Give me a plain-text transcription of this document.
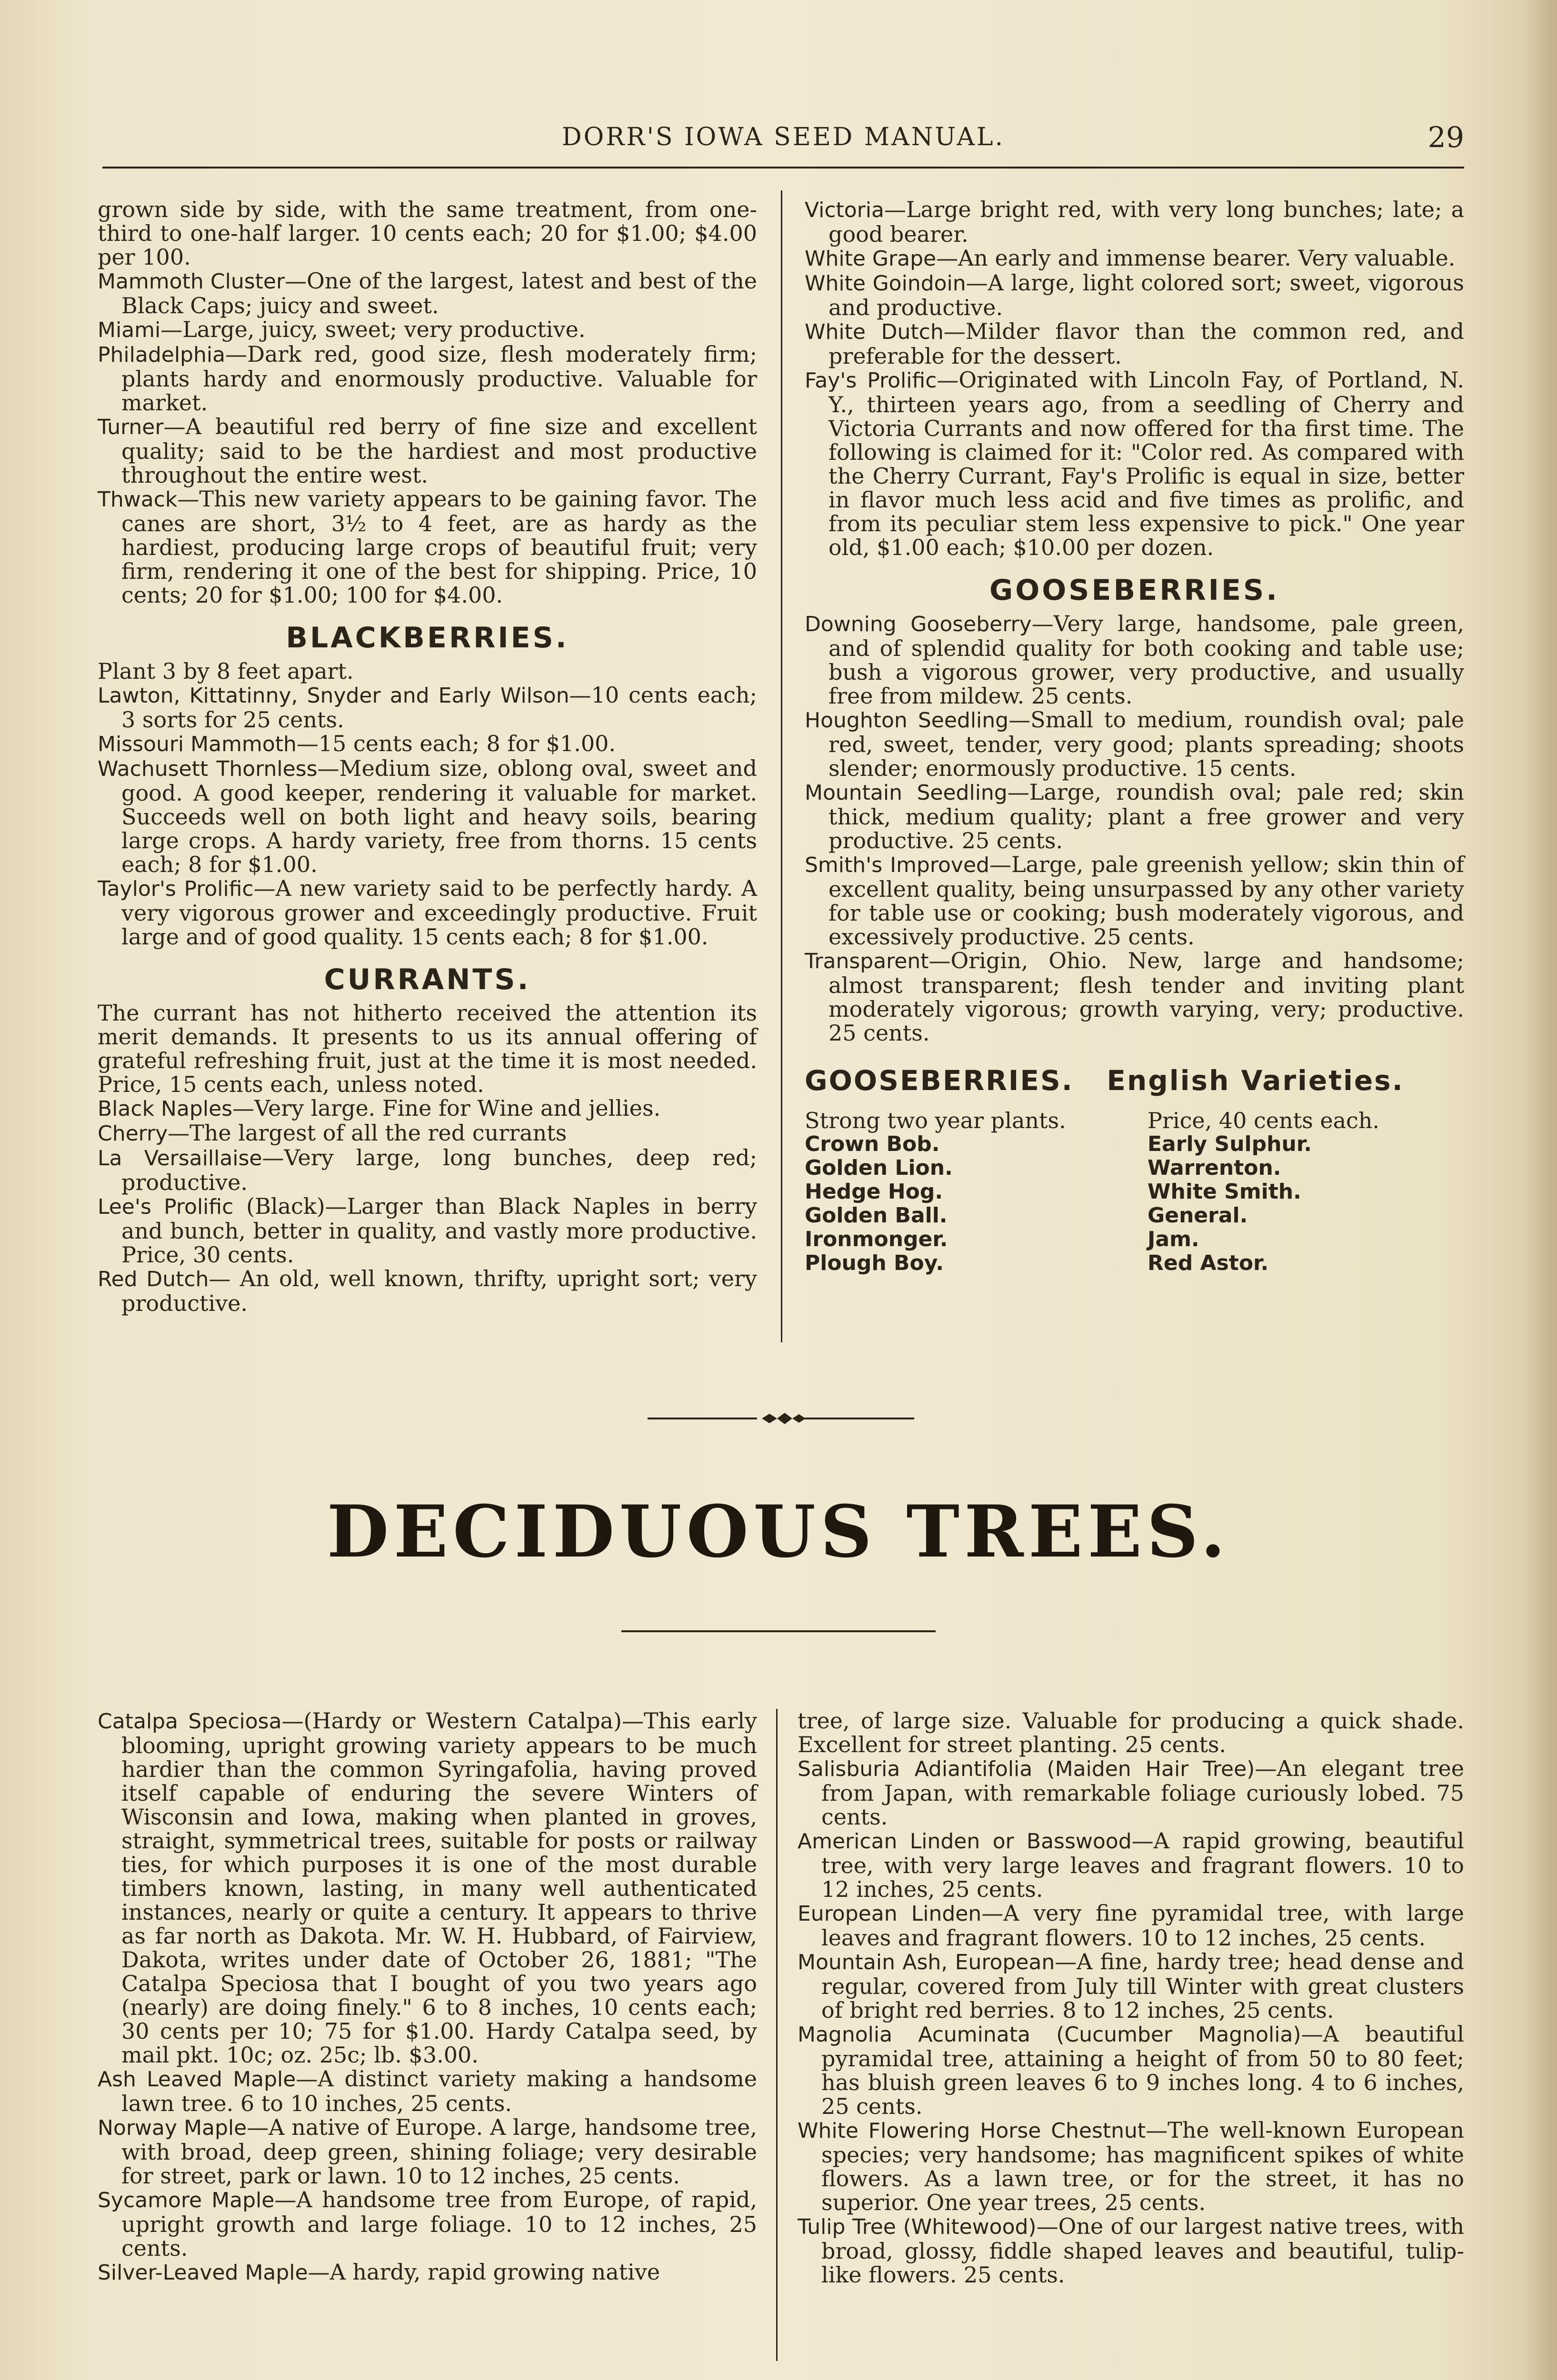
DORR'S IOWA SEED MANUAL.	29

grown side by side, with the same treatment, from one-third to one-half larger. 10 cents each; 20 for $1.00; $4.00 per 100.

Mammoth Cluster—One of the largest, latest and best of the Black Caps; juicy and sweet.

Miami—Large, juicy, sweet; very productive.

Philadelphia—Dark red, good size, flesh moderately firm; plants hardy and enormously productive. Valuable for market.

Turner—A beautiful red berry of fine size and excellent quality; said to be the hardiest and most productive throughout the entire west.

Thwack—This new variety appears to be gaining favor. The canes are short, 3½ to 4 feet, are as hardy as the hardiest, producing large crops of beautiful fruit; very firm, rendering it one of the best for shipping. Price, 10 cents; 20 for $1.00; 100 for $4.00.

BLACKBERRIES.

Plant 3 by 8 feet apart.

Lawton, Kittatinny, Snyder and Early Wilson—10 cents each; 3 sorts for 25 cents.

Missouri Mammoth—15 cents each; 8 for $1.00.

Wachusett Thornless—Medium size, oblong oval, sweet and good. A good keeper, rendering it valuable for market. Succeeds well on both light and heavy soils, bearing large crops. A hardy variety, free from thorns. 15 cents each; 8 for $1.00.

Taylor's Prolific—A new variety said to be perfectly hardy. A very vigorous grower and exceedingly productive. Fruit large and of good quality. 15 cents each; 8 for $1.00.

CURRANTS.

The currant has not hitherto received the attention its merit demands. It presents to us its annual offering of grateful refreshing fruit, just at the time it is most needed. Price, 15 cents each, unless noted.

Black Naples—Very large. Fine for Wine and jellies.

Cherry—The largest of all the red currants

La Versaillaise—Very large, long bunches, deep red; productive.

Lee's Prolific (Black)—Larger than Black Naples in berry and bunch, better in quality, and vastly more productive. Price, 30 cents.

Red Dutch— An old, well known, thrifty, upright sort; very productive.

Victoria—Large bright red, with very long bunches; late; a good bearer.

White Grape—An early and immense bearer. Very valuable.

White Goindoin—A large, light colored sort; sweet, vigorous and productive.

White Dutch—Milder flavor than the common red, and preferable for the dessert.

Fay's Prolific—Originated with Lincoln Fay, of Portland, N. Y., thirteen years ago, from a seedling of Cherry and Victoria Currants and now offered for tha first time. The following is claimed for it: "Color red. As compared with the Cherry Currant, Fay's Prolific is equal in size, better in flavor much less acid and five times as prolific, and from its peculiar stem less expensive to pick." One year old, $1.00 each; $10.00 per dozen.

GOOSEBERRIES.

Downing Gooseberry—Very large, handsome, pale green, and of splendid quality for both cooking and table use; bush a vigorous grower, very productive, and usually free from mildew. 25 cents.

Houghton Seedling—Small to medium, roundish oval; pale red, sweet, tender, very good; plants spreading; shoots slender; enormously productive. 15 cents.

Mountain Seedling—Large, roundish oval; pale red; skin thick, medium quality; plant a free grower and very productive. 25 cents.

Smith's Improved—Large, pale greenish yellow; skin thin of excellent quality, being unsurpassed by any other variety for table use or cooking; bush moderately vigorous, and excessively productive. 25 cents.

Transparent—Origin, Ohio. New, large and handsome; almost transparent; flesh tender and inviting plant moderately vigorous; growth varying, very; productive. 25 cents.

GOOSEBERRIES. English Varieties.

Strong two year plants.	Price, 40 cents each.
Crown Bob.	Early Sulphur.
Golden Lion.	Warrenton.
Hedge Hog.	White Smith.
Golden Ball.	General.
Ironmonger.	Jam.
Plough Boy.	Red Astor.
DECIDUOUS TREES.

Catalpa Speciosa—(Hardy or Western Catalpa)—This early blooming, upright growing variety appears to be much hardier than the common Syringafolia, having proved itself capable of enduring the severe Winters of Wisconsin and Iowa, making when planted in groves, straight, symmetrical trees, suitable for posts or railway ties, for which purposes it is one of the most durable timbers known, lasting, in many well authenticated instances, nearly or quite a century. It appears to thrive as far north as Dakota. Mr. W. H. Hubbard, of Fairview, Dakota, writes under date of October 26, 1881; "The Catalpa Speciosa that I bought of you two years ago (nearly) are doing finely." 6 to 8 inches, 10 cents each; 30 cents per 10; 75 for $1.00. Hardy Catalpa seed, by mail pkt. 10c; oz. 25c; lb. $3.00.

Ash Leaved Maple—A distinct variety making a handsome lawn tree. 6 to 10 inches, 25 cents.

Norway Maple—A native of Europe. A large, handsome tree, with broad, deep green, shining foliage; very desirable for street, park or lawn. 10 to 12 inches, 25 cents.

Sycamore Maple—A handsome tree from Europe, of rapid, upright growth and large foliage. 10 to 12 inches, 25 cents.

Silver-Leaved Maple—A hardy, rapid growing native

tree, of large size. Valuable for producing a quick shade. Excellent for street planting. 25 cents.

Salisburia Adiantifolia (Maiden Hair Tree)—An elegant tree from Japan, with remarkable foliage curiously lobed. 75 cents.

American Linden or Basswood—A rapid growing, beautiful tree, with very large leaves and fragrant flowers. 10 to 12 inches, 25 cents.

European Linden—A very fine pyramidal tree, with large leaves and fragrant flowers. 10 to 12 inches, 25 cents.

Mountain Ash, European—A fine, hardy tree; head dense and regular, covered from July till Winter with great clusters of bright red berries. 8 to 12 inches, 25 cents.

Magnolia Acuminata (Cucumber Magnolia)—A beautiful pyramidal tree, attaining a height of from 50 to 80 feet; has bluish green leaves 6 to 9 inches long. 4 to 6 inches, 25 cents.

White Flowering Horse Chestnut—The well-known European species; very handsome; has magnificent spikes of white flowers. As a lawn tree, or for the street, it has no superior. One year trees, 25 cents.

Tulip Tree (Whitewood)—One of our largest native trees, with broad, glossy, fiddle shaped leaves and beautiful, tulip-like flowers. 25 cents.
